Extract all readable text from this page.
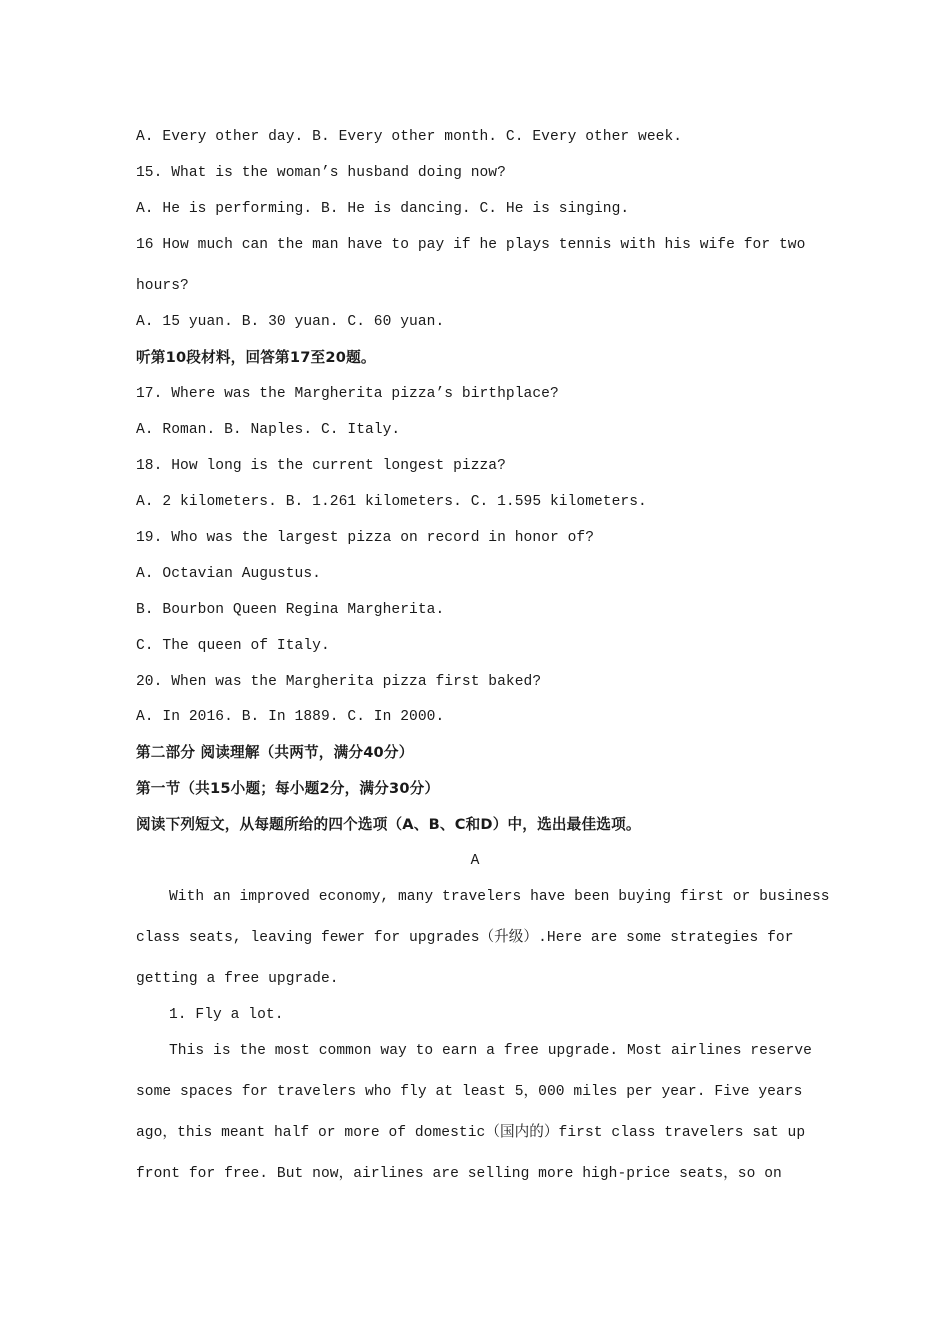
A. Every other day. B. Every other month. C. Every other week.
15. What is the woman’s husband doing now?
A. He is performing. B. He is dancing. C. He is singing.
16 How much can the man have to pay if he plays tennis with his wife for two
hours?
A. 15 yuan. B. 30 yuan. C. 60 yuan.
听第10段材料，回答第17至20题。
17. Where was the Margherita pizza’s birthplace?
A. Roman. B. Naples. C. Italy.
18. How long is the current longest pizza?
A. 2 kilometers. B. 1.261 kilometers. C. 1.595 kilometers.
19. Who was the largest pizza on record in honor of?
A. Octavian Augustus.
B. Bourbon Queen Regina Margherita.
C. The queen of Italy.
20. When was the Margherita pizza first baked?
A. In 2016. B. In 1889. C. In 2000.
第二部分 阅读理解（共两节，满分40分）
第一节（共15小题；每小题2分，满分30分）
阅读下列短文，从每题所给的四个选项（A、B、C和D）中，选出最佳选项。
A
With an improved economy, many travelers have been buying first or business
class seats, leaving fewer for upgrades（升级）.Here are some strategies for
getting a free upgrade.
1. Fly a lot.
This is the most common way to earn a free upgrade. Most airlines reserve
some spaces for travelers who fly at least 5，000 miles per year. Five years
ago，this meant half or more of domestic（国内的）first class travelers sat up
front for free. But now，airlines are selling more high-price seats，so on
